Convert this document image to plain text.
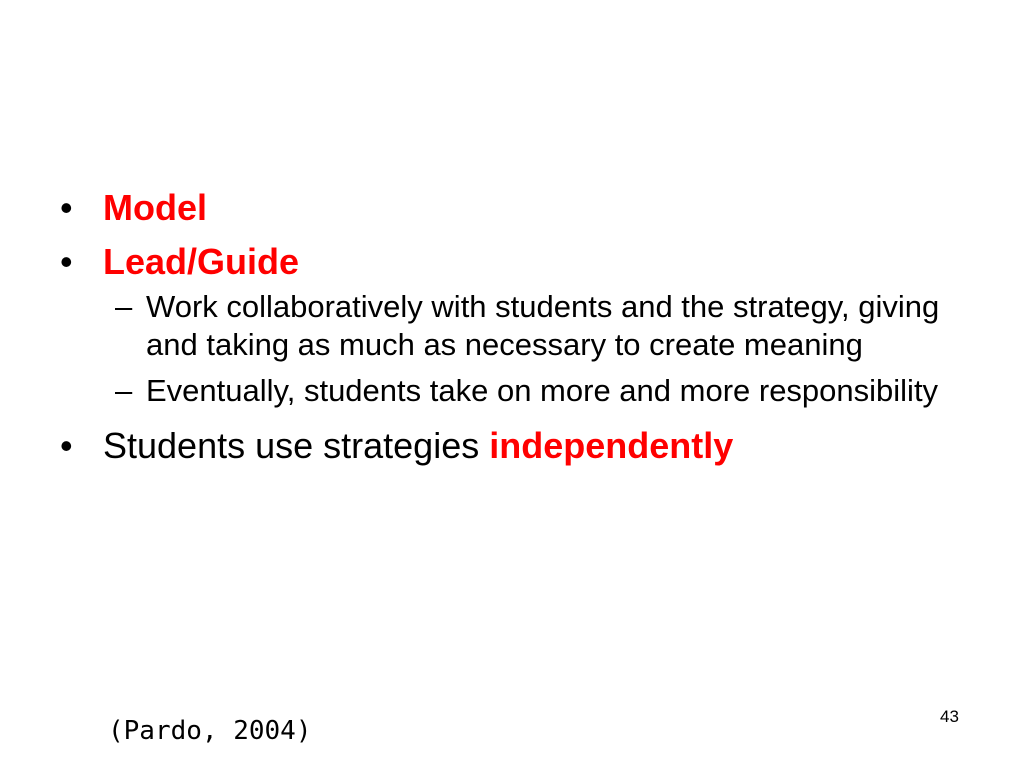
• Model
• Lead/Guide
– Work collaboratively with students and the strategy, giving and taking as much as necessary to create meaning
– Eventually, students take on more and more responsibility
• Students use strategies independently
(Pardo, 2004)	43
